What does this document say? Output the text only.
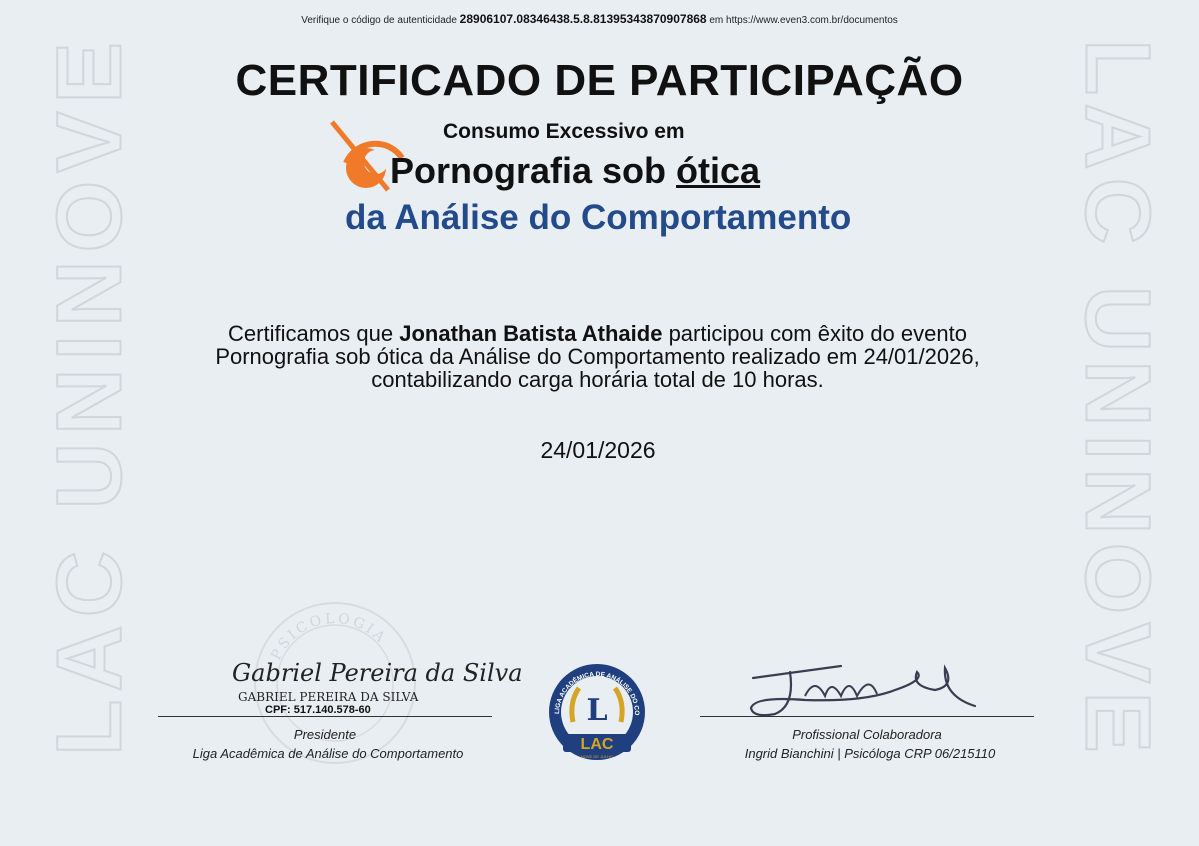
Verifique o código de autenticidade 28906107.08346438.5.8.81395343870907868 em https://www.even3.com.br/documentos
LAC UNINOVE	LAC UNINOVE
CERTIFICADO DE PARTICIPAÇÃO
Consumo Excessivo em
Pornografia sob ótica
da Análise do Comportamento
Certificamos que Jonathan Batista Athaide participou com êxito do evento Pornografia sob ótica da Análise do Comportamento realizado em 24/01/2026, contabilizando carga horária total de 10 horas.
24/01/2026
PSICOLOGIA
Gabriel Pereira da Silva
GABRIEL PEREIRA DA SILVA
CPF: 517.140.578-60
Presidente
Liga Acadêmica de Análise do Comportamento
LIGA ACADÊMICA DE ANÁLISE DO CO
L
LAC
NOVE DE JULHO
Profissional Colaboradora
Ingrid Bianchini | Psicóloga CRP 06/215110
